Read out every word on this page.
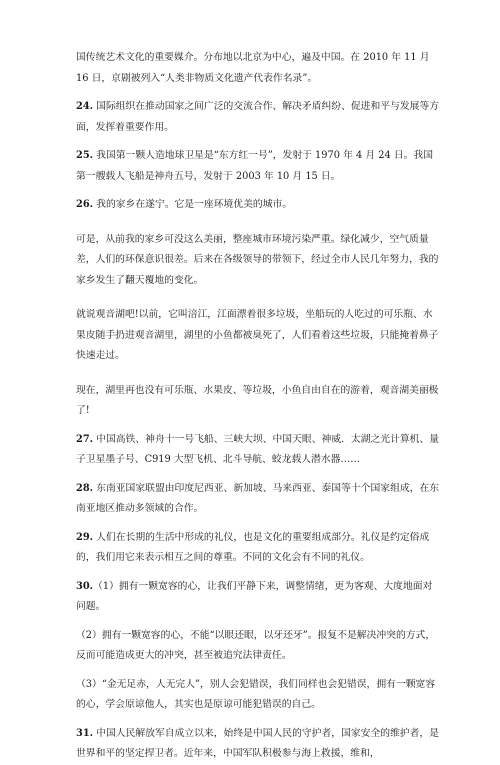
国传统艺术文化的重要媒介。分布地以北京为中心，遍及中国。在 2010 年 11 月 16 日，京剧被列入“人类非物质文化遗产代表作名录”。

24. 国际组织在推动国家之间广泛的交流合作、解决矛盾纠纷、促进和平与发展等方面，发挥着重要作用。

25. 我国第一颗人造地球卫星是“东方红一号”，发射于 1970 年 4 月 24 日。我国第一艘载人飞船是神舟五号，发射于 2003 年 10 月 15 日。

26. 我的家乡在遂宁。它是一座环境优美的城市。

可是，从前我的家乡可没这么美丽，整座城市环境污染严重。绿化减少，空气质量差，人们的环保意识很差。后来在各级领导的带领下，经过全市人民几年努力，我的家乡发生了翻天覆地的变化。

就说观音湖吧!以前，它叫涪江，江面漂着很多垃圾，坐船玩的人吃过的可乐瓶、水果皮随手扔进观音湖里，湖里的小鱼都被臭死了，人们看着这些垃圾，只能掩着鼻子快速走过。

现在，湖里再也没有可乐瓶、水果皮、等垃圾，小鱼自由自在的游着，观音湖美丽极了!

27. 中国高铁、神舟十一号飞船、三峡大坝、中国天眼、神威．太湖之光计算机、量子卫星墨子号、C919 大型飞机、北斗导航、蛟龙载人潜水器……

28. 东南亚国家联盟由印度尼西亚、新加坡、马来西亚、泰国等十个国家组成，在东南亚地区推动多领域的合作。

29. 人们在长期的生活中形成的礼仪，也是文化的重要组成部分。礼仪是约定俗成的，我们用它来表示相互之间的尊重。不同的文化会有不同的礼仪。

30.（1）拥有一颗宽容的心，让我们平静下来，调整情绪，更为客观、大度地面对问题。

（2）拥有一颗宽容的心，不能“以眼还眼，以牙还牙”。报复不是解决冲突的方式，反而可能造成更大的冲突，甚至被追究法律责任。

（3）“金无足赤，人无完人”，别人会犯错误，我们同样也会犯错误，拥有一颗宽容的心，学会原谅他人，其实也是原谅可能犯错误的自己。

31. 中国人民解放军自成立以来，始终是中国人民的守护者，国家安全的维护者，是世界和平的坚定捍卫者。近年来，中国军队积极参与海上救援，维和，
